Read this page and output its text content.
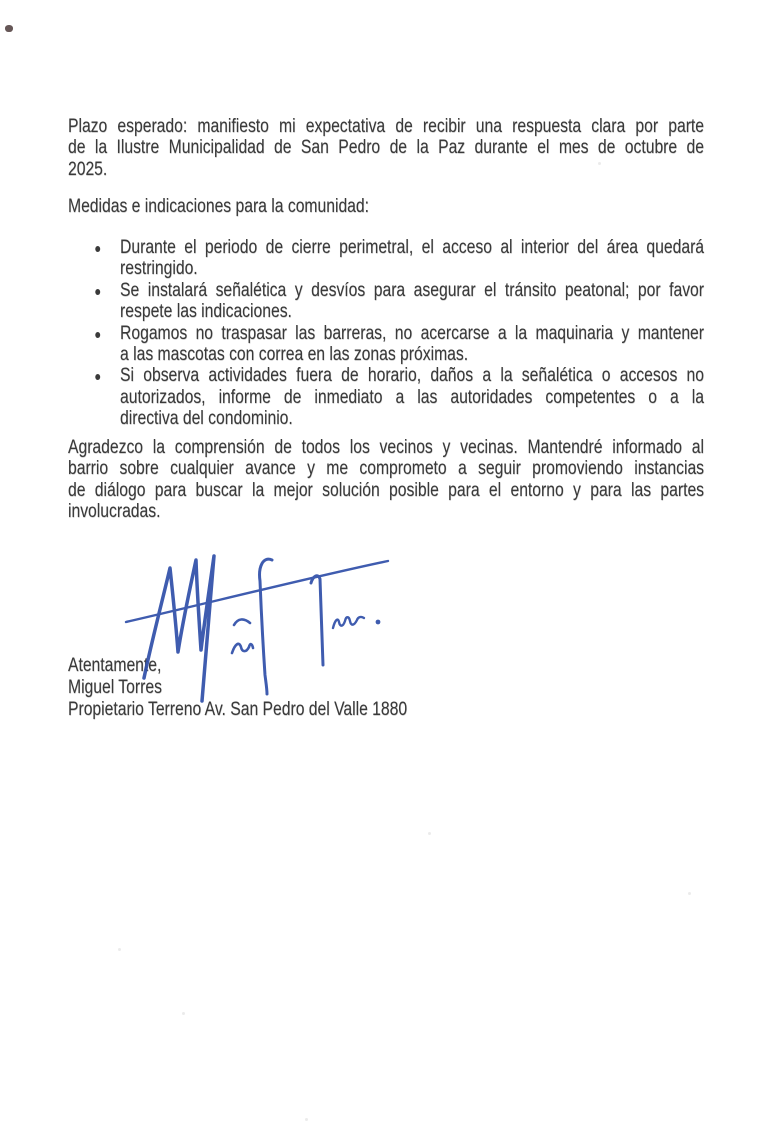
Plazo esperado: manifiesto mi expectativa de recibir una respuesta clara por parte
de la Ilustre Municipalidad de San Pedro de la Paz durante el mes de octubre de
2025.
Medidas e indicaciones para la comunidad:
Durante el periodo de cierre perimetral, el acceso al interior del área quedará
restringido.
Se instalará señalética y desvíos para asegurar el tránsito peatonal; por favor
respete las indicaciones.
Rogamos no traspasar las barreras, no acercarse a la maquinaria y mantener
a las mascotas con correa en las zonas próximas.
Si observa actividades fuera de horario, daños a la señalética o accesos no
autorizados, informe de inmediato a las autoridades competentes o a la
directiva del condominio.
Agradezco la comprensión de todos los vecinos y vecinas. Mantendré informado al
barrio sobre cualquier avance y me comprometo a seguir promoviendo instancias
de diálogo para buscar la mejor solución posible para el entorno y para las partes
involucradas.
Atentamente,
Miguel Torres
Propietario Terreno Av. San Pedro del Valle 1880
